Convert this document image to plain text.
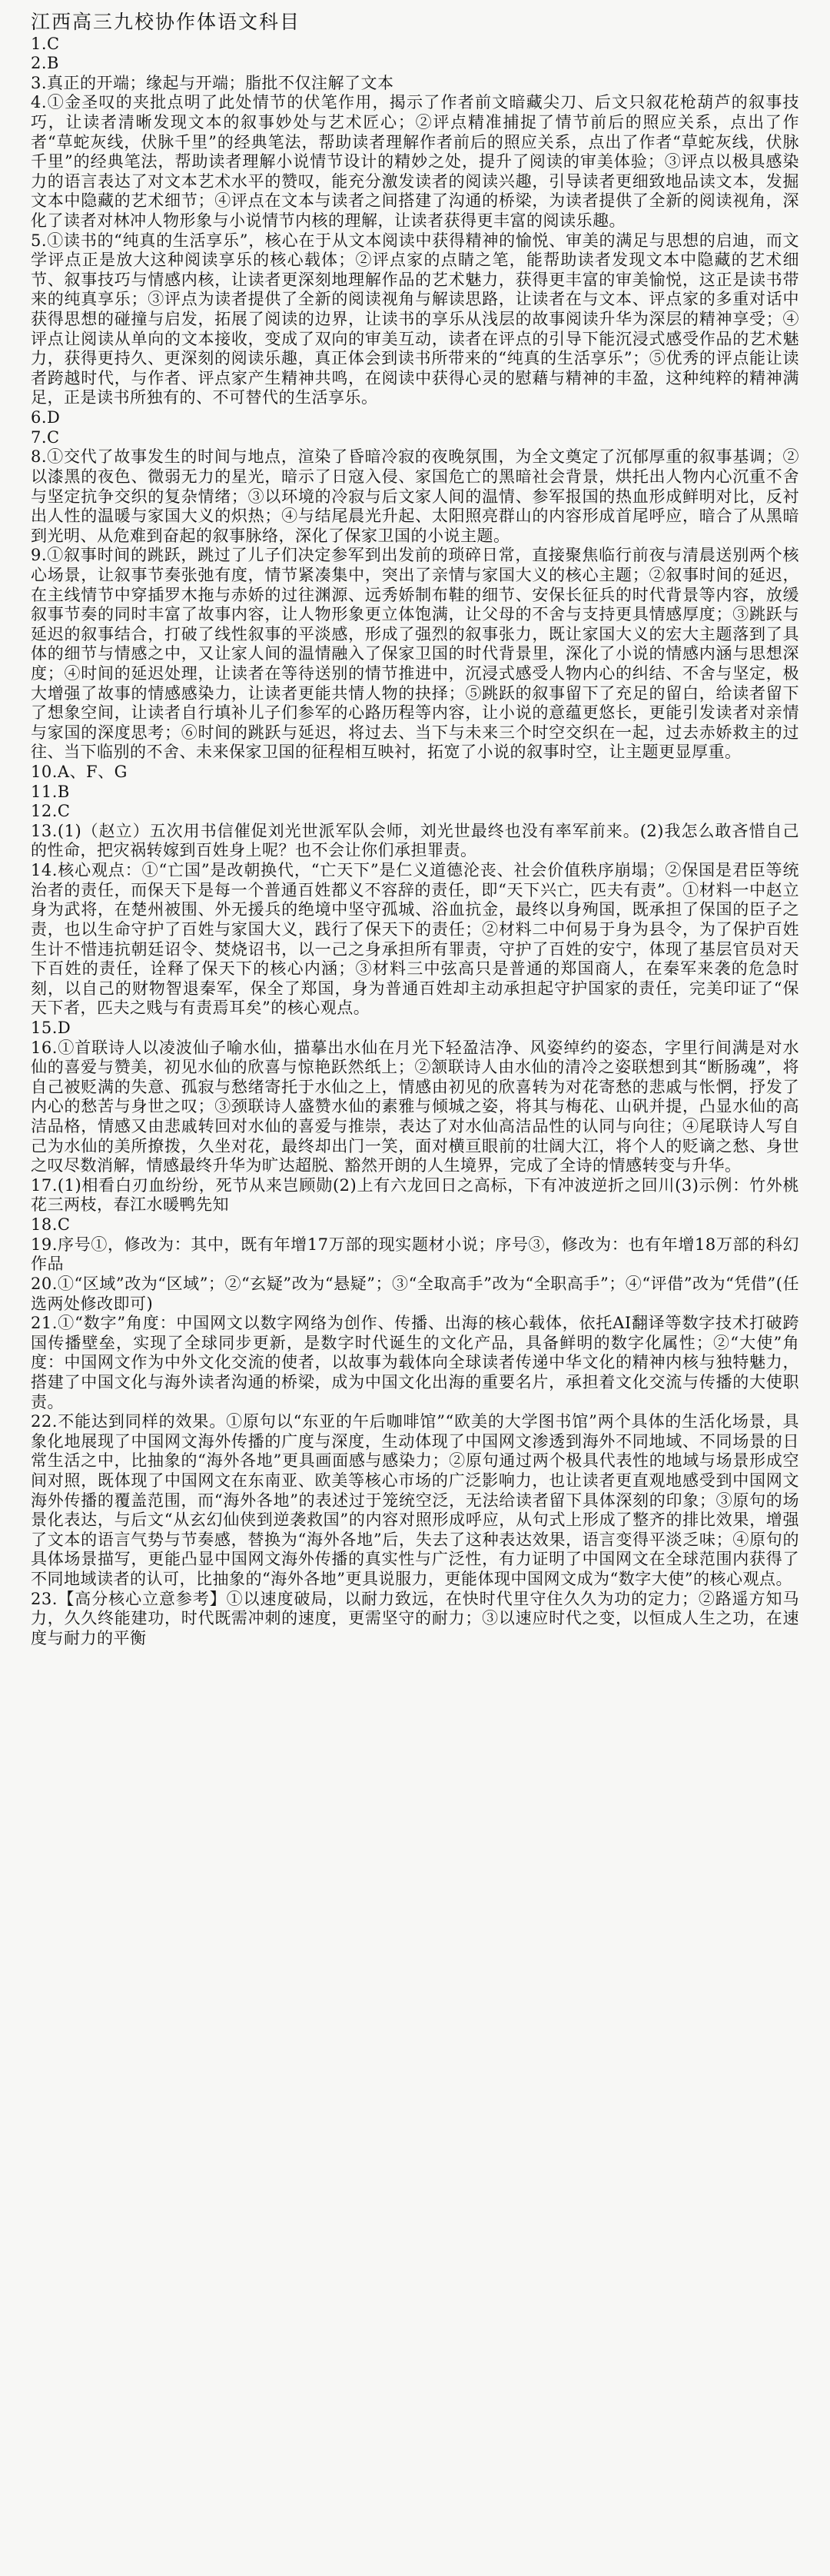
江西高三九校协作体语文科目

1.C

2.B

3.真正的开端；缘起与开端；脂批不仅注解了文本

4.①金圣叹的夹批点明了此处情节的伏笔作用，揭示了作者前文暗藏尖刀、后文只叙花枪葫芦的叙事技巧，让读者清晰发现文本的叙事妙处与艺术匠心；②评点精准捕捉了情节前后的照应关系，点出了作者“草蛇灰线，伏脉千里”的经典笔法，帮助读者理解作者前后的照应关系，点出了作者“草蛇灰线，伏脉千里”的经典笔法，帮助读者理解小说情节设计的精妙之处，提升了阅读的审美体验；③评点以极具感染力的语言表达了对文本艺术水平的赞叹，能充分激发读者的阅读兴趣，引导读者更细致地品读文本，发掘文本中隐藏的艺术细节；④评点在文本与读者之间搭建了沟通的桥梁，为读者提供了全新的阅读视角，深化了读者对林冲人物形象与小说情节内核的理解，让读者获得更丰富的阅读乐趣。

5.①读书的“纯真的生活享乐”，核心在于从文本阅读中获得精神的愉悦、审美的满足与思想的启迪，而文学评点正是放大这种阅读享乐的核心载体；②评点家的点睛之笔，能帮助读者发现文本中隐藏的艺术细节、叙事技巧与情感内核，让读者更深刻地理解作品的艺术魅力，获得更丰富的审美愉悦，这正是读书带来的纯真享乐；③评点为读者提供了全新的阅读视角与解读思路，让读者在与文本、评点家的多重对话中获得思想的碰撞与启发，拓展了阅读的边界，让读书的享乐从浅层的故事阅读升华为深层的精神享受；④评点让阅读从单向的文本接收，变成了双向的审美互动，读者在评点的引导下能沉浸式感受作品的艺术魅力，获得更持久、更深刻的阅读乐趣，真正体会到读书所带来的“纯真的生活享乐”；⑤优秀的评点能让读者跨越时代，与作者、评点家产生精神共鸣，在阅读中获得心灵的慰藉与精神的丰盈，这种纯粹的精神满足，正是读书所独有的、不可替代的生活享乐。

6.D

7.C

8.①交代了故事发生的时间与地点，渲染了昏暗冷寂的夜晚氛围，为全文奠定了沉郁厚重的叙事基调；②以漆黑的夜色、微弱无力的星光，暗示了日寇入侵、家国危亡的黑暗社会背景，烘托出人物内心沉重不舍与坚定抗争交织的复杂情绪；③以环境的冷寂与后文家人间的温情、参军报国的热血形成鲜明对比，反衬出人性的温暖与家国大义的炽热；④与结尾晨光升起、太阳照亮群山的内容形成首尾呼应，暗合了从黑暗到光明、从危难到奋起的叙事脉络，深化了保家卫国的小说主题。

9.①叙事时间的跳跃，跳过了儿子们决定参军到出发前的琐碎日常，直接聚焦临行前夜与清晨送别两个核心场景，让叙事节奏张弛有度，情节紧凑集中，突出了亲情与家国大义的核心主题；②叙事时间的延迟，在主线情节中穿插罗木拖与赤娇的过往渊源、远秀娇制布鞋的细节、安保长征兵的时代背景等内容，放缓叙事节奏的同时丰富了故事内容，让人物形象更立体饱满，让父母的不舍与支持更具情感厚度；③跳跃与延迟的叙事结合，打破了线性叙事的平淡感，形成了强烈的叙事张力，既让家国大义的宏大主题落到了具体的细节与情感之中，又让家人间的温情融入了保家卫国的时代背景里，深化了小说的情感内涵与思想深度；④时间的延迟处理，让读者在等待送别的情节推进中，沉浸式感受人物内心的纠结、不舍与坚定，极大增强了故事的情感感染力，让读者更能共情人物的抉择；⑤跳跃的叙事留下了充足的留白，给读者留下了想象空间，让读者自行填补儿子们参军的心路历程等内容，让小说的意蕴更悠长，更能引发读者对亲情与家国的深度思考；⑥时间的跳跃与延迟，将过去、当下与未来三个时空交织在一起，过去赤娇救主的过往、当下临别的不舍、未来保家卫国的征程相互映衬，拓宽了小说的叙事时空，让主题更显厚重。

10.A、F、G

11.B

12.C

13.(1)（赵立）五次用书信催促刘光世派军队会师，刘光世最终也没有率军前来。(2)我怎么敢吝惜自己的性命，把灾祸转嫁到百姓身上呢？也不会让你们承担罪责。

14.核心观点：①“亡国”是改朝换代，“亡天下”是仁义道德沦丧、社会价值秩序崩塌；②保国是君臣等统治者的责任，而保天下是每一个普通百姓都义不容辞的责任，即“天下兴亡，匹夫有责”。①材料一中赵立身为武将，在楚州被围、外无援兵的绝境中坚守孤城、浴血抗金，最终以身殉国，既承担了保国的臣子之责，也以生命守护了百姓与家国大义，践行了保天下的责任；②材料二中何易于身为县令，为了保护百姓生计不惜违抗朝廷诏令、焚烧诏书，以一己之身承担所有罪责，守护了百姓的安宁，体现了基层官员对天下百姓的责任，诠释了保天下的核心内涵；③材料三中弦高只是普通的郑国商人，在秦军来袭的危急时刻，以自己的财物智退秦军，保全了郑国，身为普通百姓却主动承担起守护国家的责任，完美印证了“保天下者，匹夫之贱与有责焉耳矣”的核心观点。

15.D

16.①首联诗人以凌波仙子喻水仙，描摹出水仙在月光下轻盈洁净、风姿绰约的姿态，字里行间满是对水仙的喜爱与赞美，初见水仙的欣喜与惊艳跃然纸上；②颔联诗人由水仙的清冷之姿联想到其“断肠魂”，将自己被贬满的失意、孤寂与愁绪寄托于水仙之上，情感由初见的欣喜转为对花寄愁的悲戚与怅惘，抒发了内心的愁苦与身世之叹；③颈联诗人盛赞水仙的素雅与倾城之姿，将其与梅花、山矾并提，凸显水仙的高洁品格，情感又由悲戚转回对水仙的喜爱与推崇，表达了对水仙高洁品性的认同与向往；④尾联诗人写自己为水仙的美所撩拨，久坐对花，最终却出门一笑，面对横亘眼前的壮阔大江，将个人的贬谪之愁、身世之叹尽数消解，情感最终升华为旷达超脱、豁然开朗的人生境界，完成了全诗的情感转变与升华。

17.(1)相看白刃血纷纷，死节从来岂顾勋(2)上有六龙回日之高标，下有冲波逆折之回川(3)示例：竹外桃花三两枝，春江水暖鸭先知

18.C

19.序号①，修改为：其中，既有年增17万部的现实题材小说；序号③，修改为：也有年增18万部的科幻作品

20.①“区域”改为“区域”；②“玄疑”改为“悬疑”；③“全取高手”改为“全职高手”；④“评借”改为“凭借”(任选两处修改即可)

21.①“数字”角度：中国网文以数字网络为创作、传播、出海的核心载体，依托AI翻译等数字技术打破跨国传播壁垒，实现了全球同步更新，是数字时代诞生的文化产品，具备鲜明的数字化属性；②“大使”角度：中国网文作为中外文化交流的使者，以故事为载体向全球读者传递中华文化的精神内核与独特魅力，搭建了中国文化与海外读者沟通的桥梁，成为中国文化出海的重要名片，承担着文化交流与传播的大使职责。

22.不能达到同样的效果。①原句以“东亚的午后咖啡馆”“欧美的大学图书馆”两个具体的生活化场景，具象化地展现了中国网文海外传播的广度与深度，生动体现了中国网文渗透到海外不同地域、不同场景的日常生活之中，比抽象的“海外各地”更具画面感与感染力；②原句通过两个极具代表性的地域与场景形成空间对照，既体现了中国网文在东南亚、欧美等核心市场的广泛影响力，也让读者更直观地感受到中国网文海外传播的覆盖范围，而“海外各地”的表述过于笼统空泛，无法给读者留下具体深刻的印象；③原句的场景化表达，与后文“从玄幻仙侠到逆袭救国”的内容对照形成呼应，从句式上形成了整齐的排比效果，增强了文本的语言气势与节奏感，替换为“海外各地”后，失去了这种表达效果，语言变得平淡乏味；④原句的具体场景描写，更能凸显中国网文海外传播的真实性与广泛性，有力证明了中国网文在全球范围内获得了不同地域读者的认可，比抽象的“海外各地”更具说服力，更能体现中国网文成为“数字大使”的核心观点。

23.【高分核心立意参考】①以速度破局，以耐力致远，在快时代里守住久久为功的定力；②路遥方知马力，久久终能建功，时代既需冲刺的速度，更需坚守的耐力；③以速应时代之变，以恒成人生之功，在速度与耐力的平衡
